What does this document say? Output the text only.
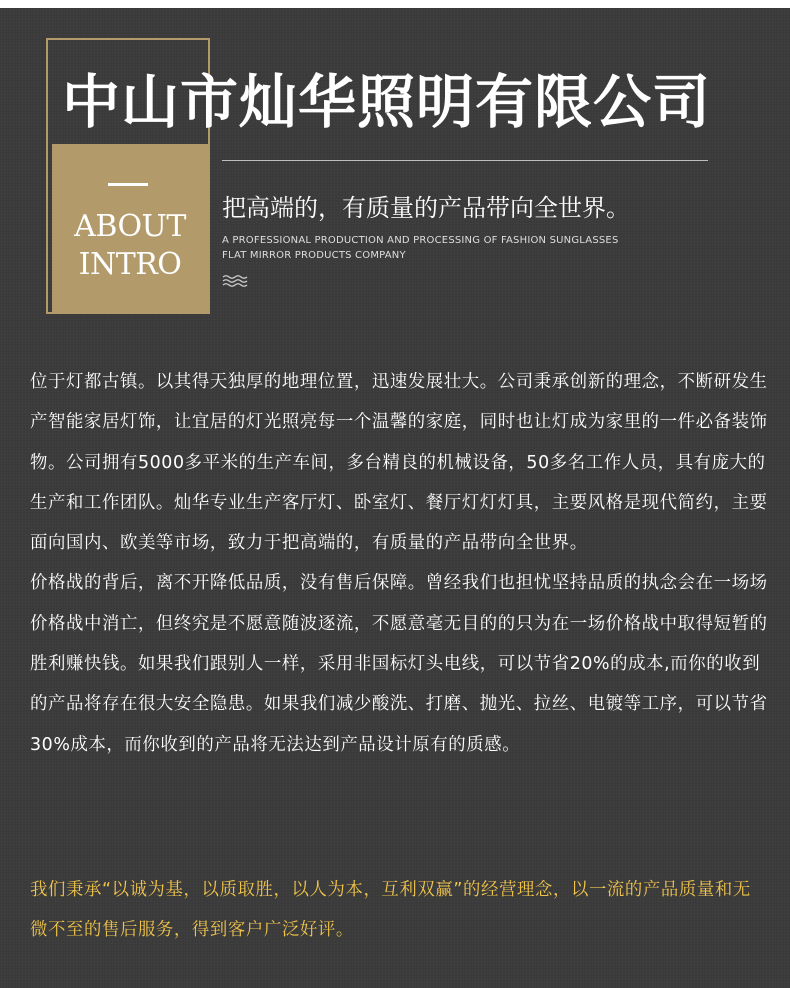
ABOUT
INTRO
中山市灿华照明有限公司
把高端的，有质量的产品带向全世界。
A PROFESSIONAL PRODUCTION AND PROCESSING OF FASHION SUNGLASSES
FLAT MIRROR PRODUCTS COMPANY
位于灯都古镇。以其得天独厚的地理位置，迅速发展壮大。公司秉承创新的理念，不断研发生产智能家居灯饰，让宜居的灯光照亮每一个温馨的家庭，同时也让灯成为家里的一件必备装饰物。公司拥有5000多平米的生产车间，多台精良的机械设备，50多名工作人员，具有庞大的生产和工作团队。灿华专业生产客厅灯、卧室灯、餐厅灯灯灯具，主要风格是现代简约，主要面向国内、欧美等市场，致力于把高端的，有质量的产品带向全世界。
价格战的背后，离不开降低品质，没有售后保障。曾经我们也担忧坚持品质的执念会在一场场价格战中消亡，但终究是不愿意随波逐流，不愿意毫无目的的只为在一场价格战中取得短暂的胜利赚快钱。如果我们跟别人一样，采用非国标灯头电线，可以节省20%的成本,而你的收到的产品将存在很大安全隐患。如果我们减少酸洗、打磨、抛光、拉丝、电镀等工序，可以节省30%成本，而你收到的产品将无法达到产品设计原有的质感。

我们秉承“以诚为基，以质取胜，以人为本，互利双赢”的经营理念，以一流的产品质量和无微不至的售后服务，得到客户广泛好评。
